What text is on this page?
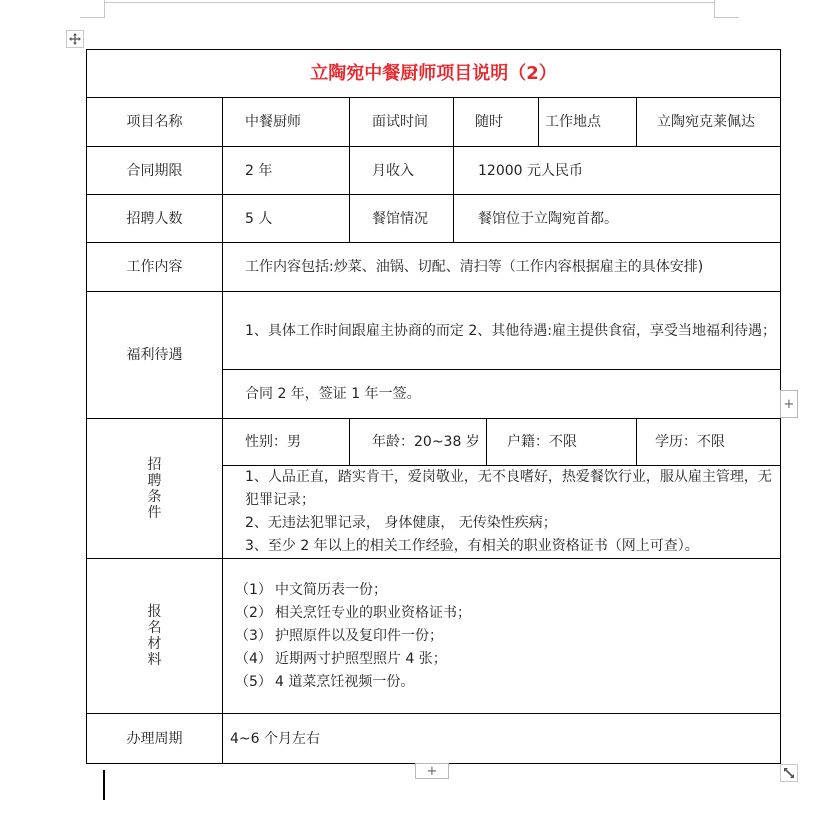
立陶宛中餐厨师项目说明（2）						
项目名称	中餐厨师	面试时间	随时		工作地点	立陶宛克莱佩达
合同期限	2 年	月收入	12000 元人民币			
招聘人数	5 人	餐馆情况	餐馆位于立陶宛首都。			
工作内容	工作内容包括:炒菜、油锅、切配、清扫等（工作内容根据雇主的具体安排)					
福利待遇	1、具体工作时间跟雇主协商的而定 2、其他待遇:雇主提供食宿，享受当地福利待遇；					
	合同 2 年，签证 1 年一签。					

招聘条件	性别：男	年龄：20~38 岁		户籍：不限		学历：不限

	1、人品正直，踏实肯干，爱岗敬业，无不良嗜好，热爱餐饮行业，服从雇主管理，无犯罪记录；
2、无违法犯罪记录， 身体健康， 无传染性疾病；
3、至少 2 年以上的相关工作经验，有相关的职业资格证书（网上可查）。					

报名材料	（1） 中文简历表一份；
（2） 相关烹饪专业的职业资格证书；
（3） 护照原件以及复印件一份；
（4） 近期两寸护照型照片 4 张；
（5） 4 道菜烹饪视频一份。					

办理周期	4~6 个月左右					
+
+
